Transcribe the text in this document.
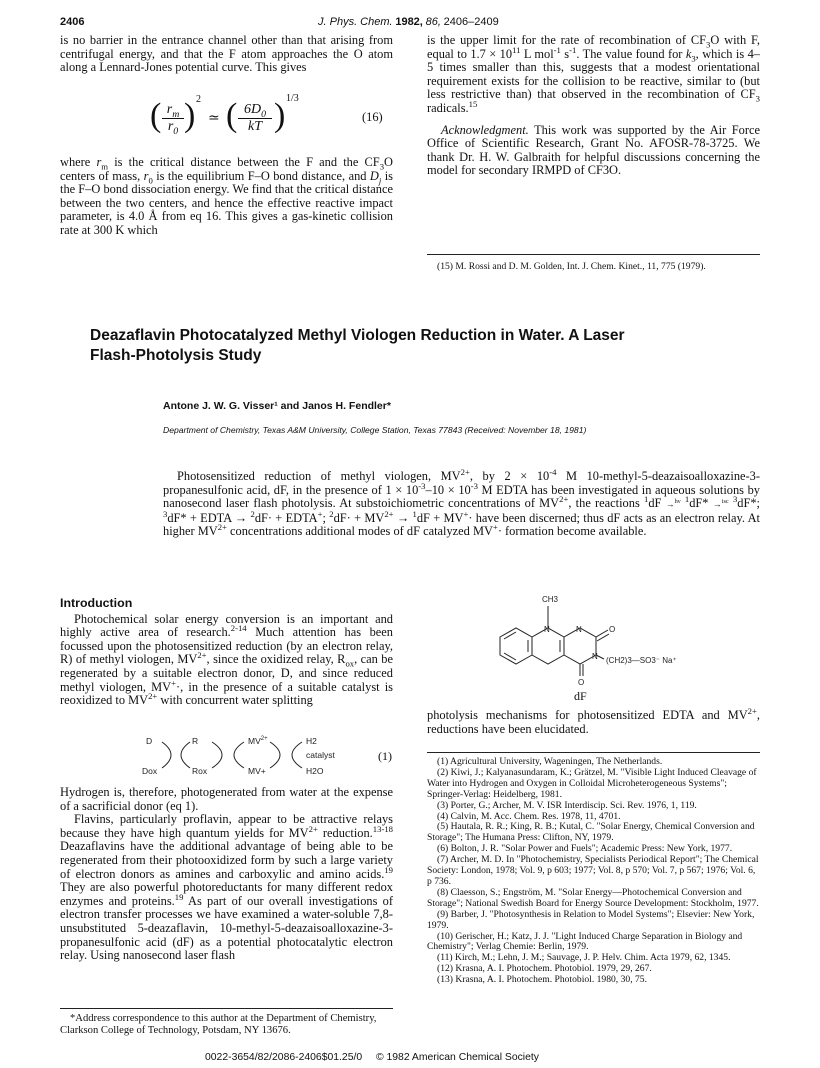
2406	J. Phys. Chem. 1982, 86, 2406–2409

is no barrier in the entrance channel other than that arising from centrifugal energy, and that the F atom approaches the O atom along a Lennard-Jones potential curve. This gives

( $\frac{r_m}{r_0}$ ) 2
≃ ( $\frac{6D_0}{kT}$ ) 1/3
(16)

where $r_m$ is the critical distance between the F and the $CF_3O$ centers of mass, $r_0$ is the equilibrium F–O bond distance, and $D_j$ is the F–O bond dissociation energy. We find that the critical distance between the two centers, and hence the effective reactive impact parameter, is 4.0 Å from eq 16. This gives a gas-kinetic collision rate at 300 K which

is the upper limit for the rate of recombination of $CF_3O$ with F, equal to $1.7 \times 10^{11}$ L mol$^{-1}$ $s^{-1}$. The value found for $k_3$, which is 4–5 times smaller than this, suggests that a modest orientational requirement exists for the collision to be reactive, similar to (but less restrictive than) that observed in the recombination of $CF_3$ radicals.$^{15}$

Acknowledgment. This work was supported by the Air Force Office of Scientific Research, Grant No. AFOSR-78-3725. We thank Dr. H. W. Galbraith for helpful discussions concerning the model for secondary IRMPD of CF3O.

(15) M. Rossi and D. M. Golden, Int. J. Chem. Kinet., 11, 775 (1979).

Deazaflavin Photocatalyzed Methyl Viologen Reduction in Water. A Laser
Flash-Photolysis Study
Antone J. W. G. Visser¹ and Janos H. Fendler*
Department of Chemistry, Texas A&M University, College Station, Texas 77843 (Received: November 18, 1981)

Photosensitized reduction of methyl viologen, $MV^{2+}$, by $2 \times 10^{-4}$ M 10-methyl-5-deazaisoalloxazine-3-propanesulfonic acid, dF, in the presence of $1 \times 10^{-3}-10 \times 10^{-3}$ M EDTA has been investigated in aqueous solutions by nanosecond laser flash photolysis. At substoichiometric concentrations of $MV^{2+}$, the reactions $^1$dF →$^{h\nu}$ $^1$dF* →$^{isc}$ $^3$dF*; $^3$dF* + EDTA → $^2$dF· + EDTA+; $^2dF\cdot + MV^{2+} \to ^1dF + MV^+\cdot$ have been discerned; thus dF acts as an electron relay. At higher $MV^{2+}$ concentrations additional modes of dF catalyzed MV+· formation become available.

Introduction

Photochemical solar energy conversion is an important and highly active area of research.$^{2-14}$ Much attention has been focussed upon the photosensitized reduction (by an electron relay, R) of methyl viologen, $MV^{2+}$, since the oxidized relay, $R_{ox}$, can be regenerated by a suitable electron donor, D, and since reduced methyl viologen, MV+·, in the presence of a suitable catalyst is reoxidized to $MV^{2+}$ with concurrent water splitting

D	R	$MV^{2+}$	H2
catalyst
Dox	Rox	MV+	H2O
(1)

Hydrogen is, therefore, photogenerated from water at the expense of a sacrificial donor (eq 1).

Flavins, particularly proflavin, appear to be attractive relays because they have high quantum yields for $MV^{2+}$ reduction.$^{13-18}$ Deazaflavins have the additional advantage of being able to be regenerated from their photooxidized form by such a large variety of electron donors as amines and carboxylic and amino acids.$^{19}$ They are also powerful photoreductants for many different redox enzymes and proteins.$^{19}$ As part of our overall investigations of electron transfer processes we have examined a water-soluble 7,8-unsubstituted 5-deazaflavin, 10-methyl-5-deazaisoalloxazine-3-propanesulfonic acid (dF) as a potential photocatalytic electron relay. Using nanosecond laser flash

*Address correspondence to this author at the Department of Chemistry, Clarkson College of Technology, Potsdam, NY 13676.

CH3
N	N
N
O
O
(CH2)3—SO3⁻ Na⁺
dF

photolysis mechanisms for photosensitized EDTA and $MV^{2+}$, reductions have been elucidated.

(1) Agricultural University, Wageningen, The Netherlands.

(2) Kiwi, J.; Kalyanasundaram, K.; Grätzel, M. "Visible Light Induced Cleavage of Water into Hydrogen and Oxygen in Colloidal Microheterogeneous Systems"; Springer-Verlag: Heidelberg, 1981.

(3) Porter, G.; Archer, M. V. ISR Interdiscip. Sci. Rev. 1976, 1, 119.

(4) Calvin, M. Acc. Chem. Res. 1978, 11, 4701.

(5) Hautala, R. R.; King, R. B.; Kutal, C. "Solar Energy, Chemical Conversion and Storage"; The Humana Press: Clifton, NY, 1979.

(6) Bolton, J. R. "Solar Power and Fuels"; Academic Press: New York, 1977.

(7) Archer, M. D. In "Photochemistry, Specialists Periodical Report"; The Chemical Society: London, 1978; Vol. 9, p 603; 1977; Vol. 8, p 570; Vol. 7, p 567; 1976; Vol. 6, p 736.

(8) Claesson, S.; Engström, M. "Solar Energy—Photochemical Conversion and Storage"; National Swedish Board for Energy Source Development: Stockholm, 1977.

(9) Barber, J. "Photosynthesis in Relation to Model Systems"; Elsevier: New York, 1979.

(10) Gerischer, H.; Katz, J. J. "Light Induced Charge Separation in Biology and Chemistry"; Verlag Chemie: Berlin, 1979.

(11) Kirch, M.; Lehn, J. M.; Sauvage, J. P. Helv. Chim. Acta 1979, 62, 1345.

(12) Krasna, A. I. Photochem. Photobiol. 1979, 29, 267.

(13) Krasna, A. I. Photochem. Photobiol. 1980, 30, 75.

0022-3654/82/2086-2406$01.25/0 © 1982 American Chemical Society
